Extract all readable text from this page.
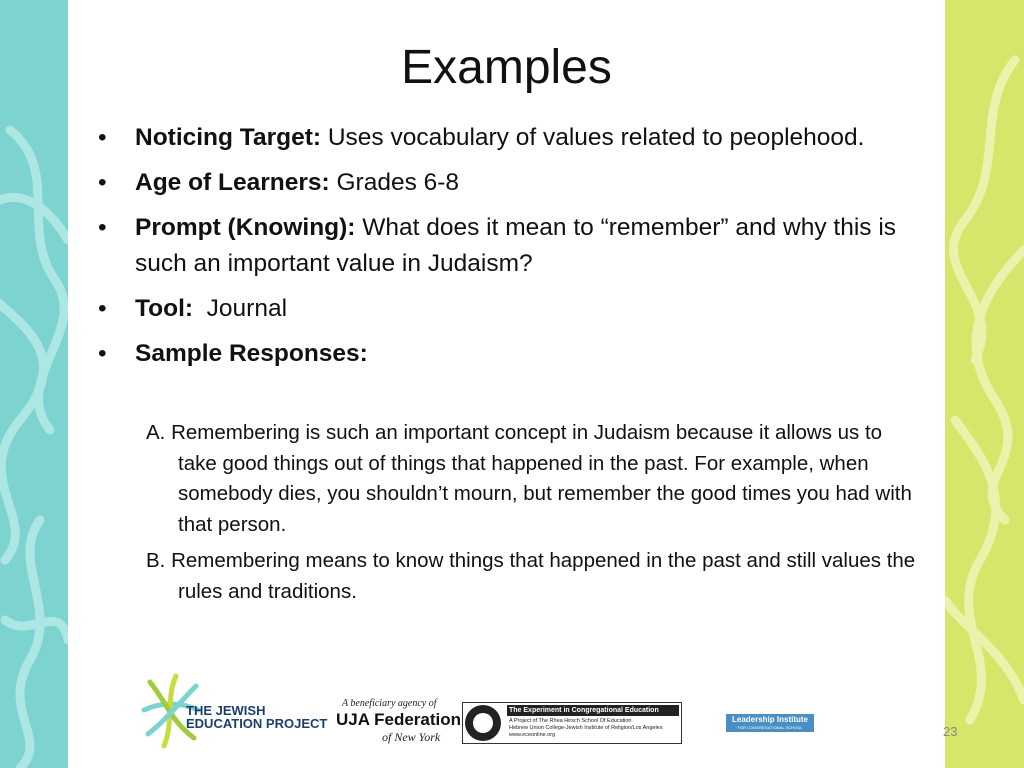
Examples
• Noticing Target: Uses vocabulary of values related to peoplehood.
• Age of Learners: Grades 6-8
• Prompt (Knowing): What does it mean to “remember” and why this is such an important value in Judaism?
• Tool:  Journal
• Sample Responses:
A. Remembering is such an important concept in Judaism because it allows us to take good things out of things that happened in the past. For example, when somebody dies, you shouldn’t mourn, but remember the good times you had with that person.
B. Remembering means to know things that happened in the past and still values the rules and traditions.
23
THE JEWISH
EDUCATION PROJECT
A beneficiary agency of
UJA Federation
of New York
The Experiment in Congregational Education
A Project of The Rhea Hirsch School Of Education
Hebrew Union College-Jewish Institute of Religion/Los Angeles
www.eceonline.org
Leadership Institute
FOR CONGREGATIONAL SCHOOL EDUCATORS
